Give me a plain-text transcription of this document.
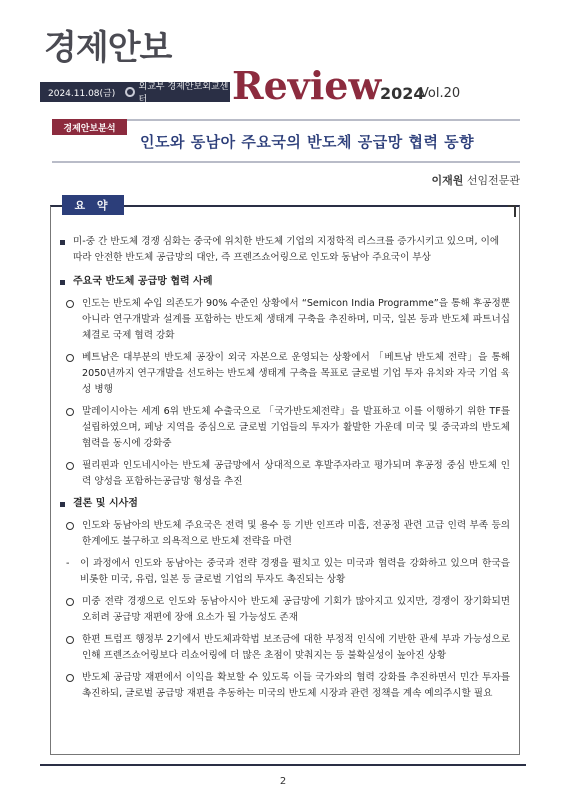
경제안보
2024.11.08(금)
외교부 경제안보외교센터	Review
2024
Vol.20
경제안보분석
인도와 동남아 주요국의 반도체 공급망 협력 동향
이재원 선임전문관
요 약
미-중 간 반도체 경쟁 심화는 중국에 위치한 반도체 기업의 지정학적 리스크를 증가시키고 있으며, 이에 따라 안전한 반도체 공급망의 대안, 즉 프렌즈쇼어링으로 인도와 동남아 주요국이 부상
주요국 반도체 공급망 협력 사례
인도는 반도체 수입 의존도가 90% 수준인 상황에서 “Semicon India Programme”을 통해 후공정뿐 아니라 연구개발과 설계를 포함하는 반도체 생태계 구축을 추진하며, 미국, 일본 등과 반도체 파트너십 체결로 국제 협력 강화
베트남은 대부분의 반도체 공장이 외국 자본으로 운영되는 상황에서 「베트남 반도체 전략」을 통해 2050년까지 연구개발을 선도하는 반도체 생태계 구축을 목표로 글로벌 기업 투자 유치와 자국 기업 육성 병행
말레이시아는 세계 6위 반도체 수출국으로 「국가반도체전략」을 발표하고 이를 이행하기 위한 TF를 설립하였으며, 페낭 지역을 중심으로 글로벌 기업들의 투자가 활발한 가운데 미국 및 중국과의 반도체 협력을 동시에 강화중
필리핀과 인도네시아는 반도체 공급망에서 상대적으로 후발주자라고 평가되며 후공정 중심 반도체 인력 양성을 포함하는공급망 형성을 추진
결론 및 시사점
인도와 동남아의 반도체 주요국은 전력 및 용수 등 기반 인프라 미흡, 전공정 관련 고급 인력 부족 등의 한계에도 불구하고 의욕적으로 반도체 전략을 마련
-	이 과정에서 인도와 동남아는 중국과 전략 경쟁을 펼치고 있는 미국과 협력을 강화하고 있으며 한국을 비롯한 미국, 유럽, 일본 등 글로벌 기업의 투자도 촉진되는 상황
미중 전략 경쟁으로 인도와 동남아시아 반도체 공급망에 기회가 많아지고 있지만, 경쟁이 장기화되면 오히려 공급망 재편에 장애 요소가 될 가능성도 존재
한편 트럼프 행정부 2기에서 반도체과학법 보조금에 대한 부정적 인식에 기반한 관세 부과 가능성으로 인해 프렌즈쇼어링보다 리쇼어링에 더 많은 초점이 맞춰지는 등 불확실성이 높아진 상황
반도체 공급망 재편에서 이익을 확보할 수 있도록 이들 국가와의 협력 강화를 추진하면서 민간 투자를 촉진하되, 글로벌 공급망 재편을 추동하는 미국의 반도체 시장과 관련 정책을 계속 예의주시할 필요
2
